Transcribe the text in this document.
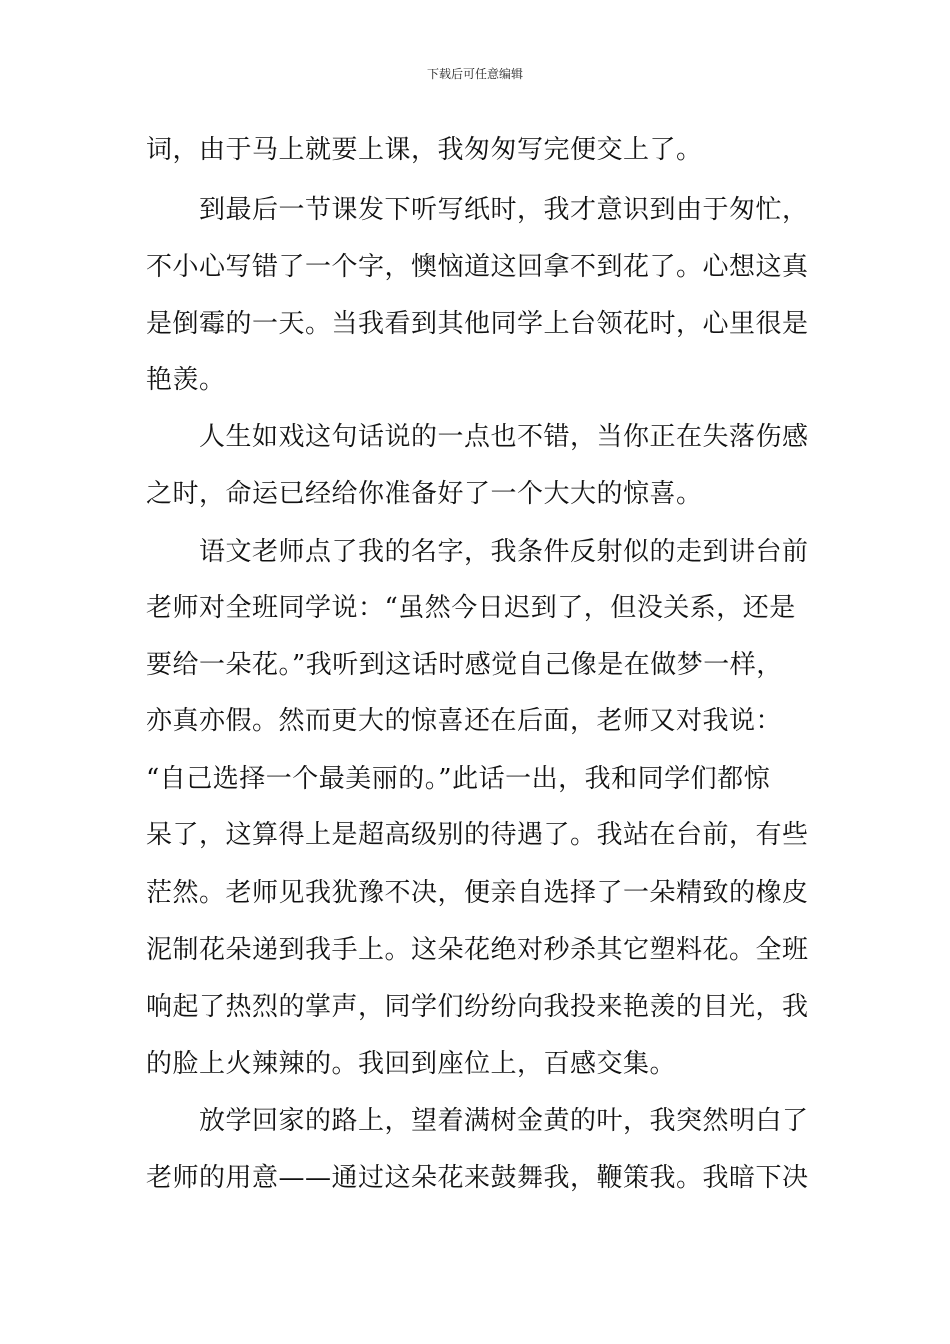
下载后可任意编辑
词，由于马上就要上课，我匆匆写完便交上了。
到最后一节课发下听写纸时，我才意识到由于匆忙，
不小心写错了一个字，懊恼道这回拿不到花了。心想这真
是倒霉的一天。当我看到其他同学上台领花时，心里很是
艳羡。
人生如戏这句话说的一点也不错，当你正在失落伤感
之时，命运已经给你准备好了一个大大的惊喜。
语文老师点了我的名字，我条件反射似的走到讲台前
老师对全班同学说：“虽然今日迟到了，但没关系，还是
要给一朵花。”我听到这话时感觉自己像是在做梦一样，
亦真亦假。然而更大的惊喜还在后面，老师又对我说：
“自己选择一个最美丽的。”此话一出，我和同学们都惊
呆了，这算得上是超高级别的待遇了。我站在台前，有些
茫然。老师见我犹豫不决，便亲自选择了一朵精致的橡皮
泥制花朵递到我手上。这朵花绝对秒杀其它塑料花。全班
响起了热烈的掌声，同学们纷纷向我投来艳羡的目光，我
的脸上火辣辣的。我回到座位上，百感交集。
放学回家的路上，望着满树金黄的叶，我突然明白了
老师的用意——通过这朵花来鼓舞我，鞭策我。我暗下决
